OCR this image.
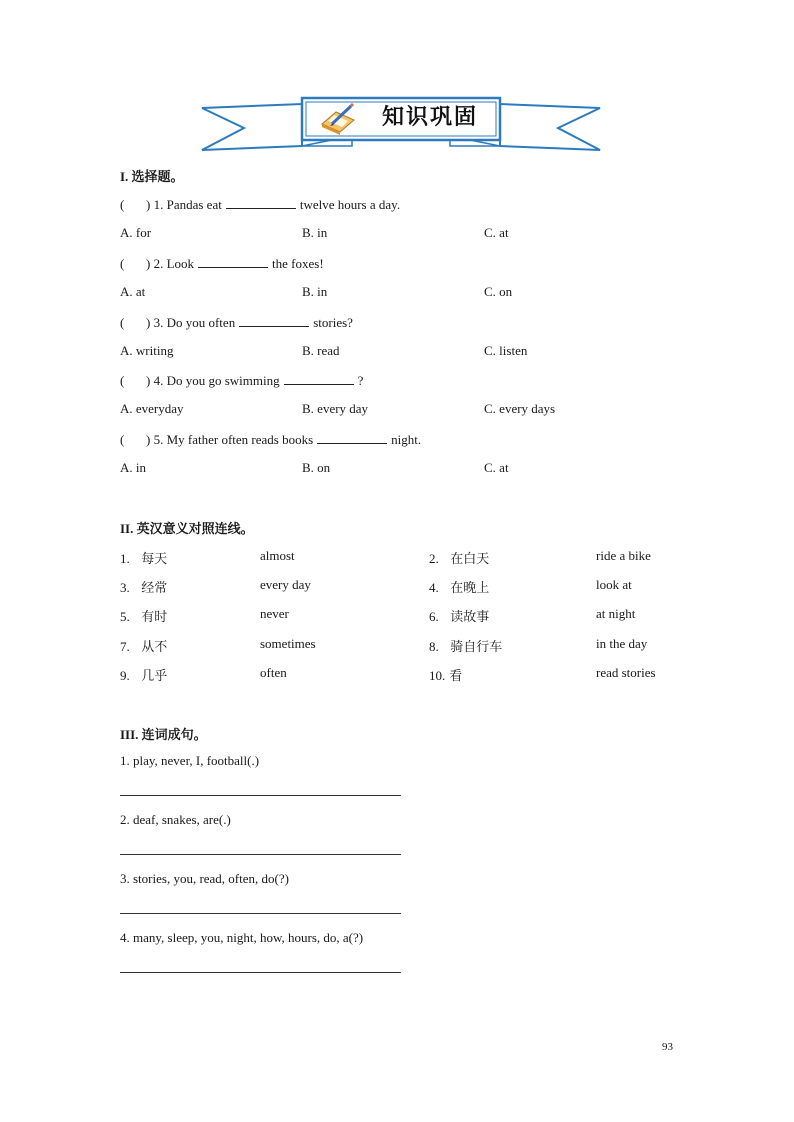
知识巩固
I. 选择题。
( ) 1. Pandas eat	twelve hours a day.
A. for	B. in	C. at
( ) 2. Look	the foxes!
A. at	B. in	C. on
( ) 3. Do you often	stories?
A. writing	B. read	C. listen
( ) 4. Do you go swimming	?
A. everyday	B. every day	C. every days
( ) 5. My father often reads books	night.
A. in	B. on	C. at
II. 英汉意义对照连线。
1. 每天	almost	2. 在白天	ride a bike
3. 经常	every day	4. 在晚上	look at
5. 有时	never	6. 读故事	at night
7. 从不	sometimes	8. 骑自行车	in the day
9. 几乎	often	10. 看	read stories
III. 连词成句。
1. play, never, I, football(.)
2. deaf, snakes, are(.)
3. stories, you, read, often, do(?)
4. many, sleep, you, night, how, hours, do, a(?)
93
